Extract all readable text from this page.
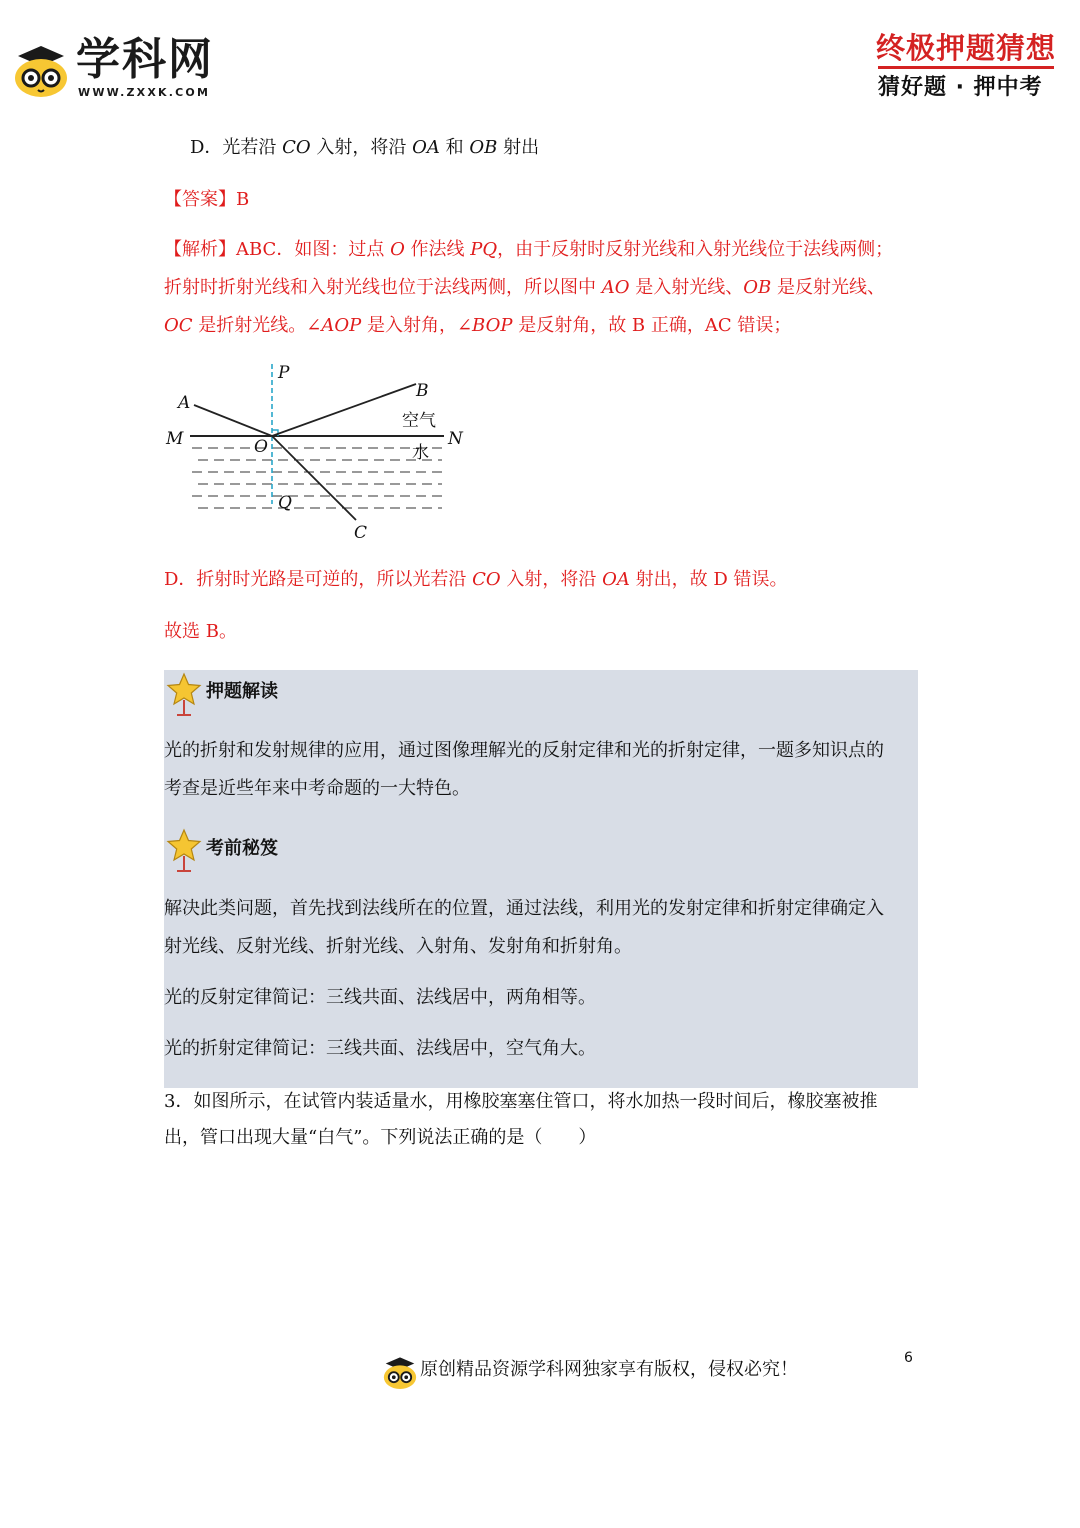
学科网
WWW.ZXXK.COM
终极押题猜想
猜好题 · 押中考
D．光若沿 CO 入射，将沿 OA 和 OB 射出
【答案】B
【解析】ABC．如图：过点 O 作法线 PQ，由于反射时反射光线和入射光线位于法线两侧；
折射时折射光线和入射光线也位于法线两侧，所以图中 AO 是入射光线、OB 是反射光线、
OC 是折射光线。∠AOP 是入射角，∠BOP 是反射角，故 B 正确，AC 错误；
P
A
B
M	O	N
Q
C
空气
水
D．折射时光路是可逆的，所以光若沿 CO 入射，将沿 OA 射出，故 D 错误。
故选 B。
押题解读
光的折射和发射规律的应用，通过图像理解光的反射定律和光的折射定律，一题多知识点的
考查是近些年来中考命题的一大特色。
考前秘笈
解决此类问题，首先找到法线所在的位置，通过法线，利用光的发射定律和折射定律确定入
射光线、反射光线、折射光线、入射角、发射角和折射角。
光的反射定律简记：三线共面、法线居中，两角相等。
光的折射定律简记：三线共面、法线居中，空气角大。
3．如图所示，在试管内装适量水，用橡胶塞塞住管口，将水加热一段时间后，橡胶塞被推
出，管口出现大量“白气”。下列说法正确的是（　　）
原创精品资源学科网独家享有版权，侵权必究！
6
